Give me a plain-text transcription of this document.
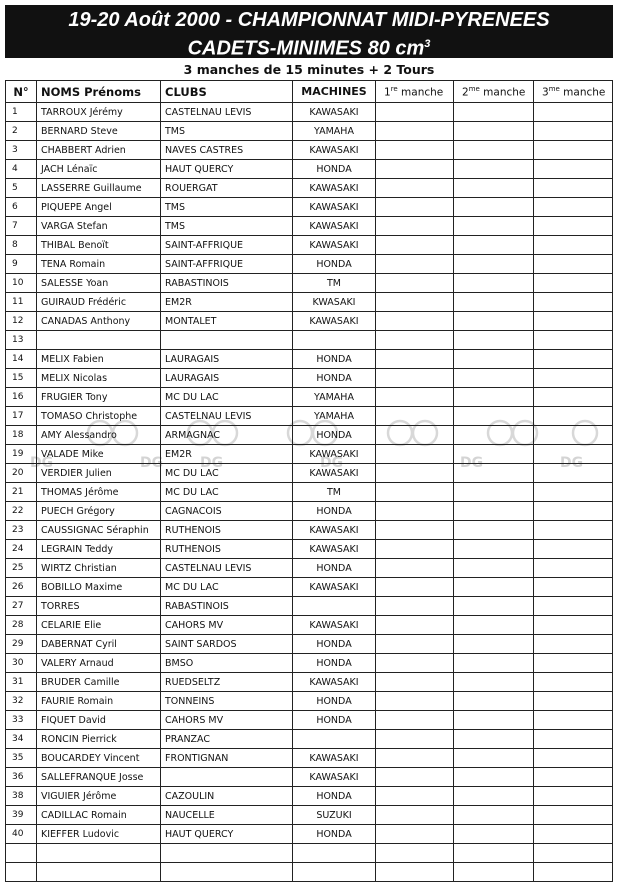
19-20 Août 2000 - CHAMPIONNAT MIDI-PYRENEES
CADETS-MINIMES 80 $cm^3$
3 manches de 15 minutes + 2 Tours
DG	DG	DG	DG	DG	DG
N°	NOMS Prénoms	CLUBS	MACHINES	1re manche	$2^{me}$ manche	$3^{me}$ manche
1	TARROUX Jérémy	CASTELNAU LEVIS	KAWASAKI			
2	BERNARD Steve	TMS	YAMAHA			
3	CHABBERT Adrien	NAVES CASTRES	KAWASAKI			
4	JACH Lénaïc	HAUT QUERCY	HONDA			
5	LASSERRE Guillaume	ROUERGAT	KAWASAKI			
6	PIQUEPE Angel	TMS	KAWASAKI			
7	VARGA Stefan	TMS	KAWASAKI			
8	THIBAL Benoït	SAINT-AFFRIQUE	KAWASAKI			
9	TENA Romain	SAINT-AFFRIQUE	HONDA			
10	SALESSE Yoan	RABASTINOIS	TM			
11	GUIRAUD Frédéric	EM2R	KWASAKI			
12	CANADAS Anthony	MONTALET	KAWASAKI			
13						
14	MELIX Fabien	LAURAGAIS	HONDA			
15	MELIX Nicolas	LAURAGAIS	HONDA			
16	FRUGIER Tony	MC DU LAC	YAMAHA			
17	TOMASO Christophe	CASTELNAU LEVIS	YAMAHA			
18	AMY Alessandro	ARMAGNAC	HONDA			
19	VALADE Mike	EM2R	KAWASAKI			
20	VERDIER Julien	MC DU LAC	KAWASAKI			
21	THOMAS Jérôme	MC DU LAC	TM			
22	PUECH Grégory	CAGNACOIS	HONDA			
23	CAUSSIGNAC Séraphin	RUTHENOIS	KAWASAKI			
24	LEGRAIN Teddy	RUTHENOIS	KAWASAKI			
25	WIRTZ Christian	CASTELNAU LEVIS	HONDA			
26	BOBILLO Maxime	MC DU LAC	KAWASAKI			
27	TORRES	RABASTINOIS				
28	CELARIE Elie	CAHORS MV	KAWASAKI			
29	DABERNAT Cyril	SAINT SARDOS	HONDA			
30	VALERY Arnaud	BMSO	HONDA			
31	BRUDER Camille	RUEDSELTZ	KAWASAKI			
32	FAURIE Romain	TONNEINS	HONDA			
33	FIQUET David	CAHORS MV	HONDA			
34	RONCIN Pierrick	PRANZAC				
35	BOUCARDEY Vincent	FRONTIGNAN	KAWASAKI			
36	SALLEFRANQUE Josse		KAWASAKI			
38	VIGUIER Jérôme	CAZOULIN	HONDA			
39	CADILLAC Romain	NAUCELLE	SUZUKI			
40	KIEFFER Ludovic	HAUT QUERCY	HONDA			
